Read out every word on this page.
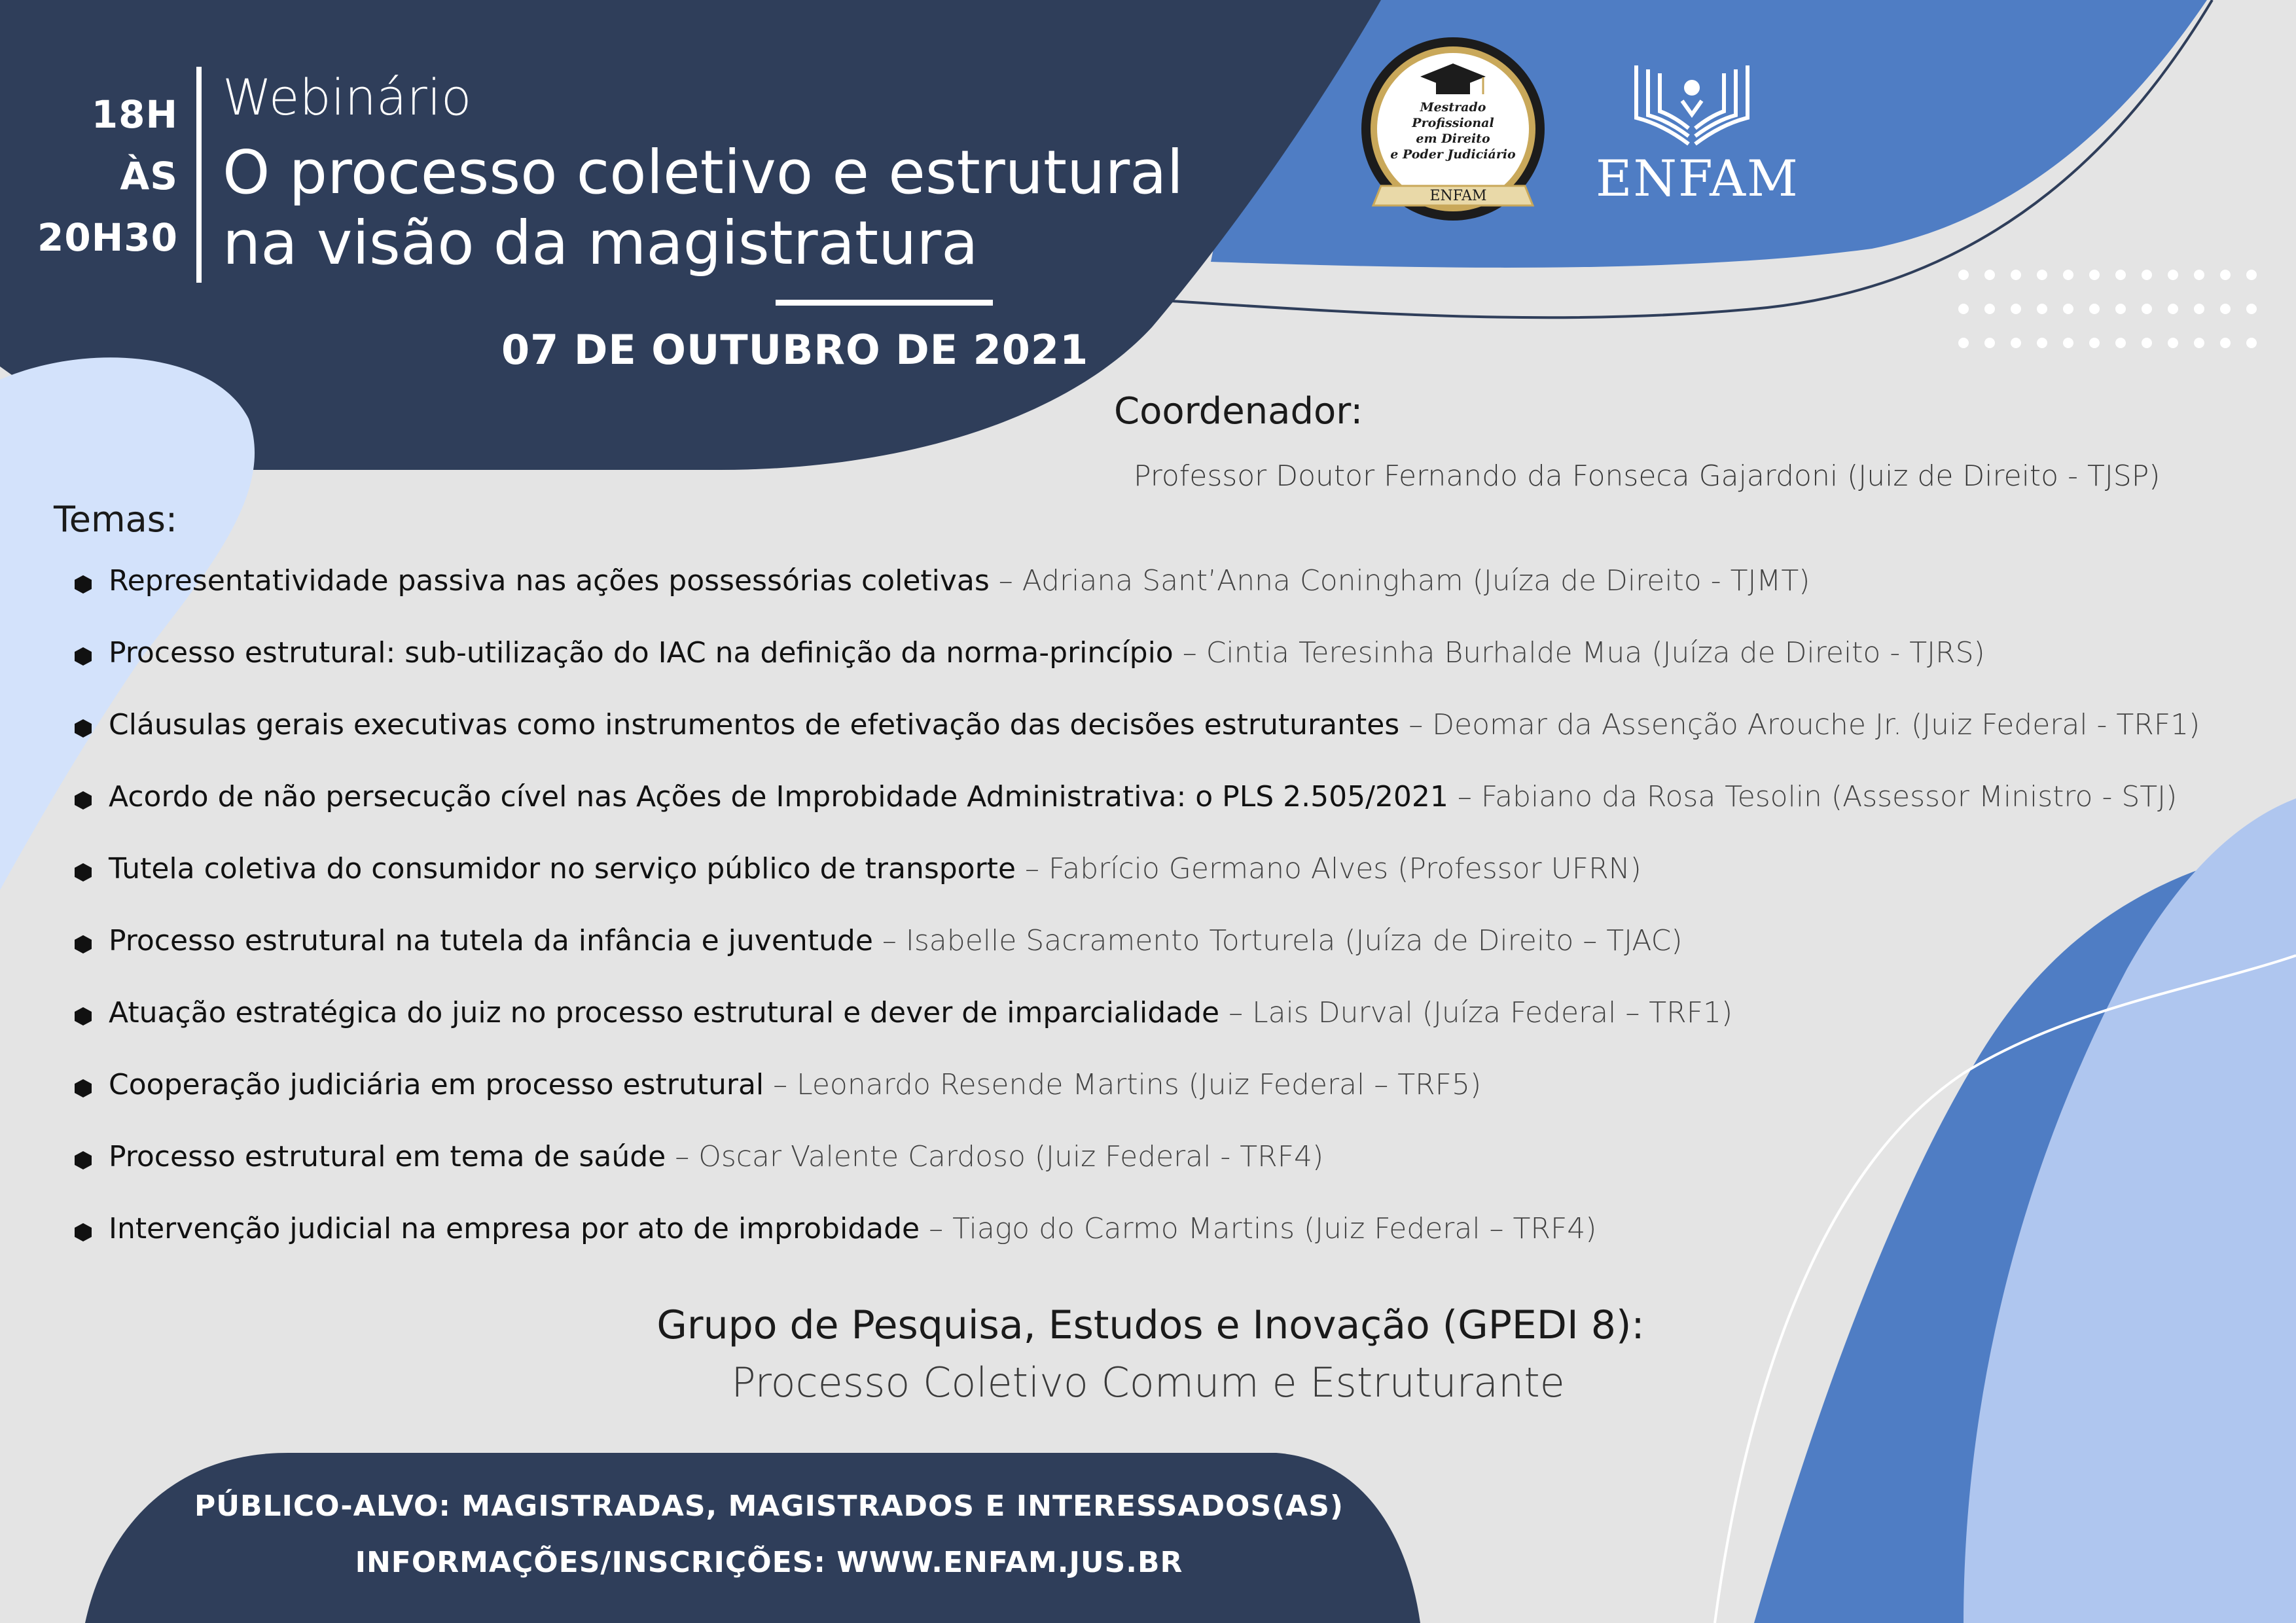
18H
ÀS
20H30
Webinário
O processo coletivo e estrutural
na visão da magistratura
07 DE OUTUBRO DE 2021
Mestrado
Profissional
em Direito
e Poder Judiciário
ENFAM ENFAM
Coordenador:
Professor Doutor Fernando da Fonseca Gajardoni (Juiz de Direito - TJSP)
Temas:
Representatividade passiva nas ações possessórias coletivas – Adriana Sant’Anna Coningham (Juíza de Direito - TJMT)
Processo estrutural: sub-utilização do IAC na definição da norma-princípio – Cintia Teresinha Burhalde Mua (Juíza de Direito - TJRS)
Cláusulas gerais executivas como instrumentos de efetivação das decisões estruturantes – Deomar da Assenção Arouche Jr. (Juiz Federal - TRF1)
Acordo de não persecução cível nas Ações de Improbidade Administrativa: o PLS 2.505/2021 – Fabiano da Rosa Tesolin (Assessor Ministro - STJ)
Tutela coletiva do consumidor no serviço público de transporte – Fabrício Germano Alves (Professor UFRN)
Processo estrutural na tutela da infância e juventude – Isabelle Sacramento Torturela (Juíza de Direito – TJAC)
Atuação estratégica do juiz no processo estrutural e dever de imparcialidade – Lais Durval (Juíza Federal – TRF1)
Cooperação judiciária em processo estrutural – Leonardo Resende Martins (Juiz Federal – TRF5)
Processo estrutural em tema de saúde – Oscar Valente Cardoso (Juiz Federal - TRF4)
Intervenção judicial na empresa por ato de improbidade – Tiago do Carmo Martins (Juiz Federal – TRF4)
Grupo de Pesquisa, Estudos e Inovação (GPEDI 8):
Processo Coletivo Comum e Estruturante
PÚBLICO-ALVO: MAGISTRADAS, MAGISTRADOS E INTERESSADOS(AS)
INFORMAÇÕES/INSCRIÇÕES: WWW.ENFAM.JUS.BR
